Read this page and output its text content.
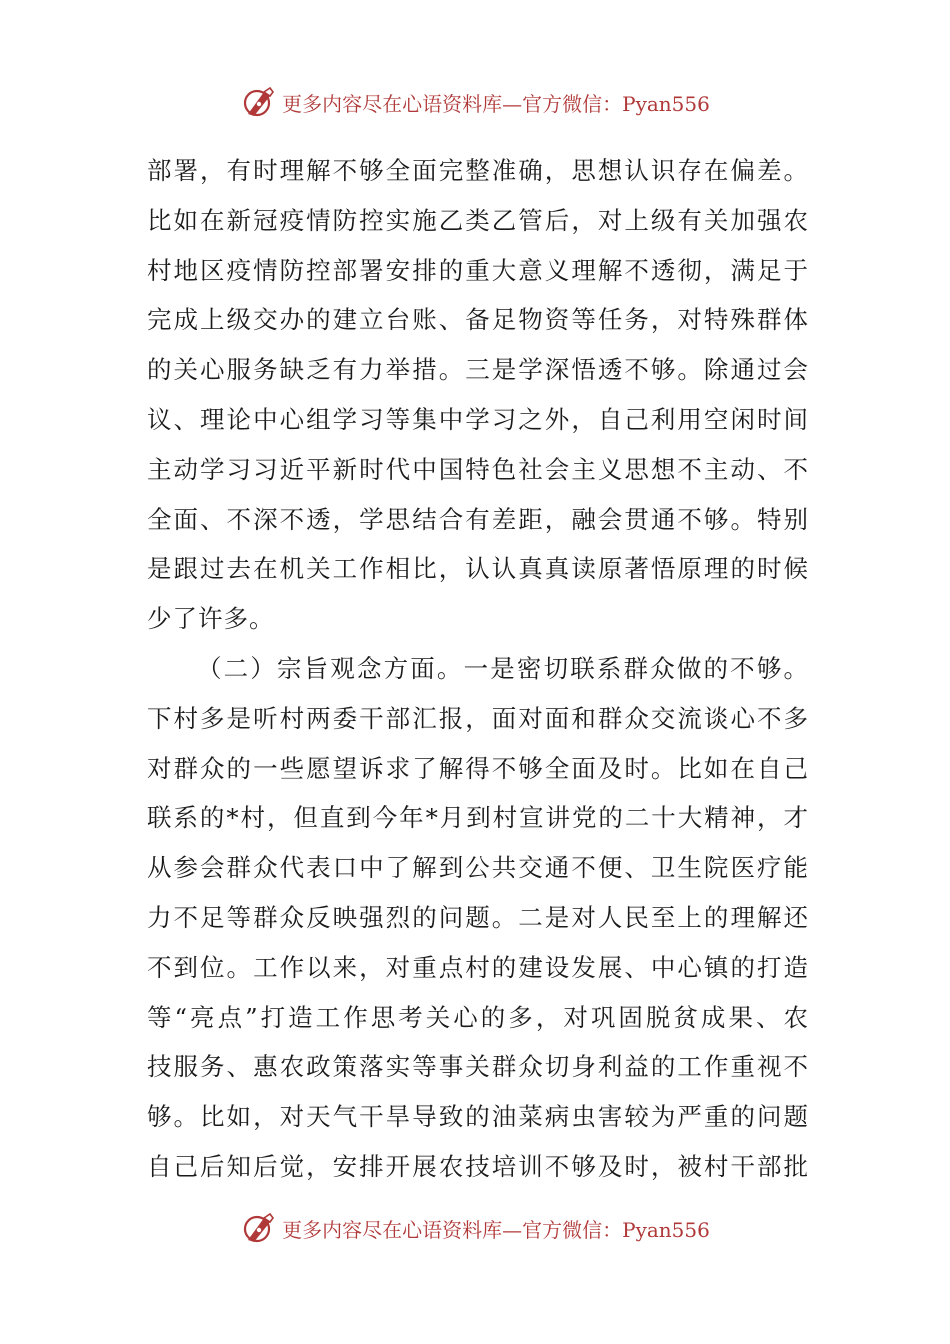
更多内容尽在心语资料库—官方微信：Pyan556
部署，有时理解不够全面完整准确，思想认识存在偏差。
比如在新冠疫情防控实施乙类乙管后，对上级有关加强农
村地区疫情防控部署安排的重大意义理解不透彻，满足于
完成上级交办的建立台账、备足物资等任务，对特殊群体
的关心服务缺乏有力举措。三是学深悟透不够。除通过会
议、理论中心组学习等集中学习之外，自己利用空闲时间
主动学习习近平新时代中国特色社会主义思想不主动、不
全面、不深不透，学思结合有差距，融会贯通不够。特别
是跟过去在机关工作相比，认认真真读原著悟原理的时候
少了许多。
（二）宗旨观念方面。一是密切联系群众做的不够。
下村多是听村两委干部汇报，面对面和群众交流谈心不多
对群众的一些愿望诉求了解得不够全面及时。比如在自己
联系的*村，但直到今年*月到村宣讲党的二十大精神，才
从参会群众代表口中了解到公共交通不便、卫生院医疗能
力不足等群众反映强烈的问题。二是对人民至上的理解还
不到位。工作以来，对重点村的建设发展、中心镇的打造
等“亮点”打造工作思考关心的多，对巩固脱贫成果、农
技服务、惠农政策落实等事关群众切身利益的工作重视不
够。比如，对天气干旱导致的油菜病虫害较为严重的问题
自己后知后觉，安排开展农技培训不够及时，被村干部批
更多内容尽在心语资料库—官方微信：Pyan556
